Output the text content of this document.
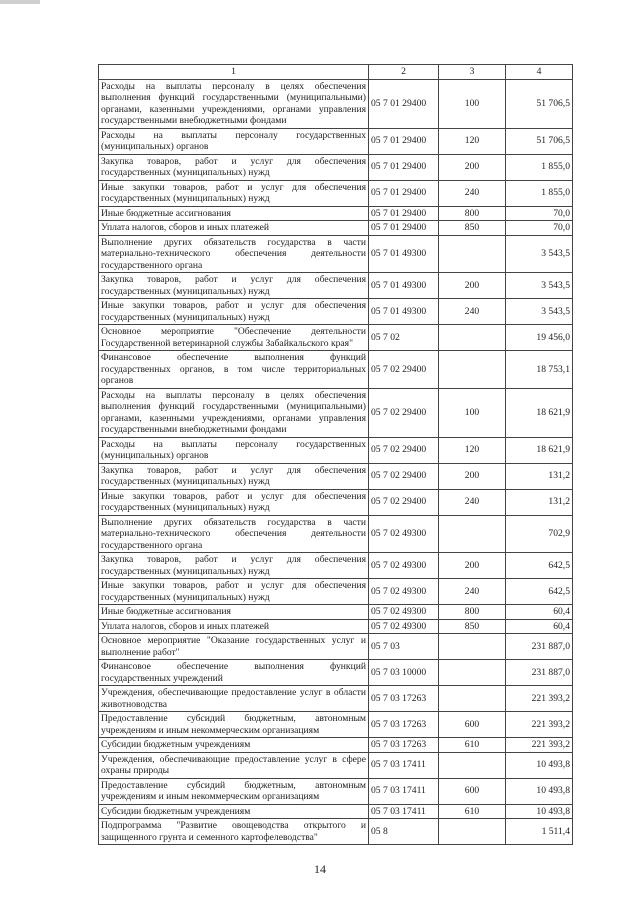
1	2	3	4
Расходы на выплаты персоналу в целях обеспечения выполнения функций государственными (муниципальными) органами, казенными учреждениями, органами управления государственными внебюджетными фондами	05 7 01 29400	100	51 706,5
Расходы на выплаты персоналу государственных (муниципальных) органов	05 7 01 29400	120	51 706,5
Закупка товаров, работ и услуг для обеспечения государственных (муниципальных) нужд	05 7 01 29400	200	1 855,0
Иные закупки товаров, работ и услуг для обеспечения государственных (муниципальных) нужд	05 7 01 29400	240	1 855,0
Иные бюджетные ассигнования	05 7 01 29400	800	70,0
Уплата налогов, сборов и иных платежей	05 7 01 29400	850	70,0
Выполнение других обязательств государства в части материально-технического обеспечения деятельности государственного органа	05 7 01 49300		3 543,5
Закупка товаров, работ и услуг для обеспечения государственных (муниципальных) нужд	05 7 01 49300	200	3 543,5
Иные закупки товаров, работ и услуг для обеспечения государственных (муниципальных) нужд	05 7 01 49300	240	3 543,5
Основное мероприятие "Обеспечение деятельности Государственной ветеринарной службы Забайкальского края"	05 7 02		19 456,0
Финансовое обеспечение выполнения функций государственных органов, в том числе территориальных органов	05 7 02 29400		18 753,1
Расходы на выплаты персоналу в целях обеспечения выполнения функций государственными (муниципальными) органами, казенными учреждениями, органами управления государственными внебюджетными фондами	05 7 02 29400	100	18 621,9
Расходы на выплаты персоналу государственных (муниципальных) органов	05 7 02 29400	120	18 621,9
Закупка товаров, работ и услуг для обеспечения государственных (муниципальных) нужд	05 7 02 29400	200	131,2
Иные закупки товаров, работ и услуг для обеспечения государственных (муниципальных) нужд	05 7 02 29400	240	131,2
Выполнение других обязательств государства в части материально-технического обеспечения деятельности государственного органа	05 7 02 49300		702,9
Закупка товаров, работ и услуг для обеспечения государственных (муниципальных) нужд	05 7 02 49300	200	642,5
Иные закупки товаров, работ и услуг для обеспечения государственных (муниципальных) нужд	05 7 02 49300	240	642,5
Иные бюджетные ассигнования	05 7 02 49300	800	60,4
Уплата налогов, сборов и иных платежей	05 7 02 49300	850	60,4
Основное мероприятие "Оказание государственных услуг и выполнение работ"	05 7 03		231 887,0
Финансовое обеспечение выполнения функций государственных учреждений	05 7 03 10000		231 887,0
Учреждения, обеспечивающие предоставление услуг в области животноводства	05 7 03 17263		221 393,2
Предоставление субсидий бюджетным, автономным учреждениям и иным некоммерческим организациям	05 7 03 17263	600	221 393,2
Субсидии бюджетным учреждениям	05 7 03 17263	610	221 393,2
Учреждения, обеспечивающие предоставление услуг в сфере охраны природы	05 7 03 17411		10 493,8
Предоставление субсидий бюджетным, автономным учреждениям и иным некоммерческим организациям	05 7 03 17411	600	10 493,8
Субсидии бюджетным учреждениям	05 7 03 17411	610	10 493,8
Подпрограмма "Развитие овощеводства открытого и защищенного грунта и семенного картофелеводства"	05 8		1 511,4
14
